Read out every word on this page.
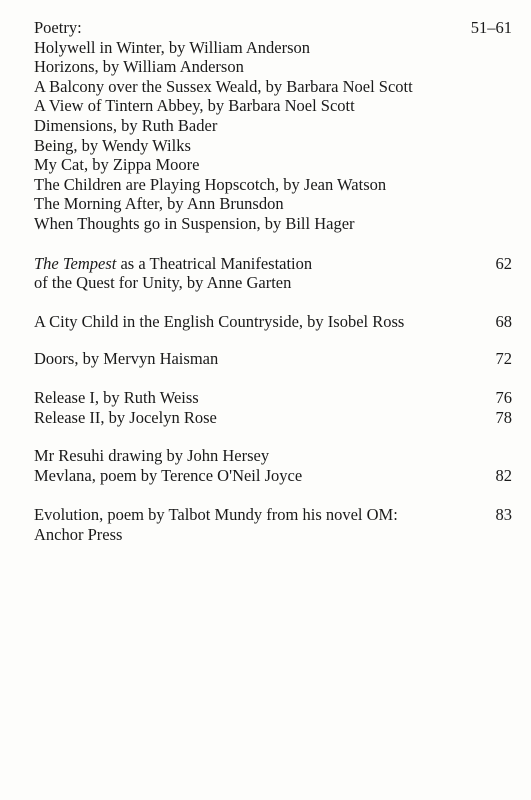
51–61
Poetry:
Holywell in Winter, by William Anderson
Horizons, by William Anderson
A Balcony over the Sussex Weald, by Barbara Noel Scott
A View of Tintern Abbey, by Barbara Noel Scott
Dimensions, by Ruth Bader
Being, by Wendy Wilks
My Cat, by Zippa Moore
The Children are Playing Hopscotch, by Jean Watson
The Morning After, by Ann Brunsdon
When Thoughts go in Suspension, by Bill Hager
62
The Tempest as a Theatrical Manifestation
of the Quest for Unity, by Anne Garten
68
A City Child in the English Countryside, by Isobel Ross
72
Doors, by Mervyn Haisman
76
78
Release I, by Ruth Weiss
Release II, by Jocelyn Rose
82
Mr Resuhi drawing by John Hersey
Mevlana, poem by Terence O'Neil Joyce
83
Evolution, poem by Talbot Mundy from his novel OM:
Anchor Press
